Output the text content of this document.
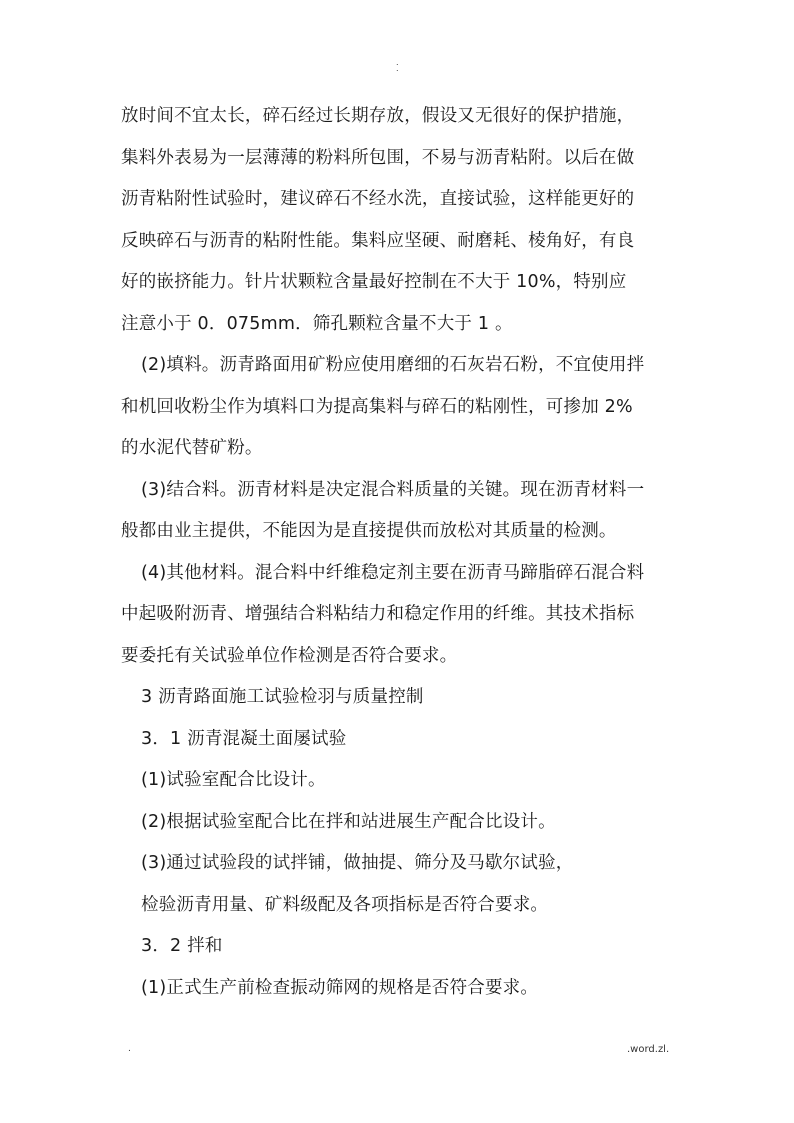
.
.
放时间不宜太长，碎石经过长期存放，假设又无很好的保护措施，
集料外表易为一层薄薄的粉料所包围，不易与沥青粘附。以后在做
沥青粘附性试验时，建议碎石不经水洗，直接试验，这样能更好的
反映碎石与沥青的粘附性能。集料应坚硬、耐磨耗、棱角好，有良
好的嵌挤能力。针片状颗粒含量最好控制在不大于 10%，特别应
注意小于 0．075mm．筛孔颗粒含量不大于 1 。
(2)填料。沥青路面用矿粉应使用磨细的石灰岩石粉，不宜使用拌
和机回收粉尘作为填料口为提高集料与碎石的粘刚性，可掺加 2%
的水泥代替矿粉。
(3)结合料。沥青材料是决定混合料质量的关键。现在沥青材料一
般都由业主提供，不能因为是直接提供而放松对其质量的检测。
(4)其他材料。混合料中纤维稳定剂主要在沥青马蹄脂碎石混合料
中起吸附沥青、增强结合料粘结力和稳定作用的纤维。其技术指标
要委托有关试验单位作检测是否符合要求。
3 沥青路面施工试验检羽与质量控制
3．1 沥青混凝土面屡试验
(1)试验室配合比设计。
(2)根据试验室配合比在拌和站进展生产配合比设计。
(3)通过试验段的试拌铺，做抽提、筛分及马歇尔试验，
检验沥青用量、矿料级配及各项指标是否符合要求。
3．2 拌和
(1)正式生产前检查振动筛网的规格是否符合要求。
.	.word.zl.
